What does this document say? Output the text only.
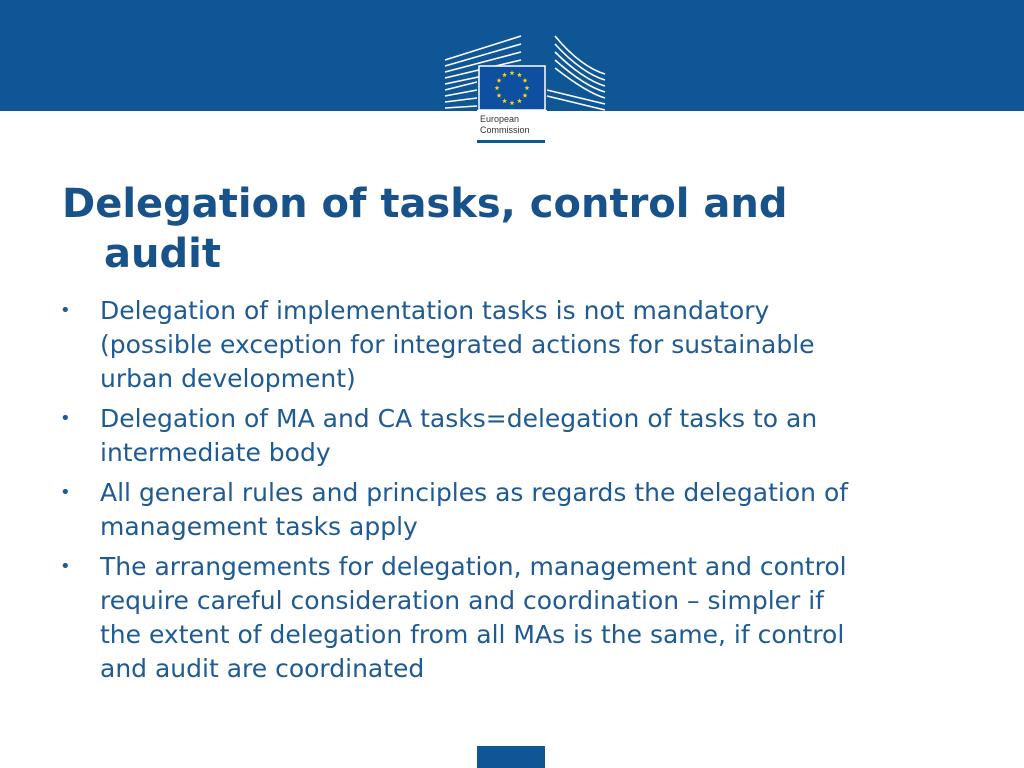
European
Commission
Delegation of tasks, control and
audit
• Delegation of implementation tasks is not mandatory
(possible exception for integrated actions for sustainable
urban development)
• Delegation of MA and CA tasks=delegation of tasks to an
intermediate body
• All general rules and principles as regards the delegation of
management tasks apply
• The arrangements for delegation, management and control
require careful consideration and coordination – simpler if
the extent of delegation from all MAs is the same, if control
and audit are coordinated
